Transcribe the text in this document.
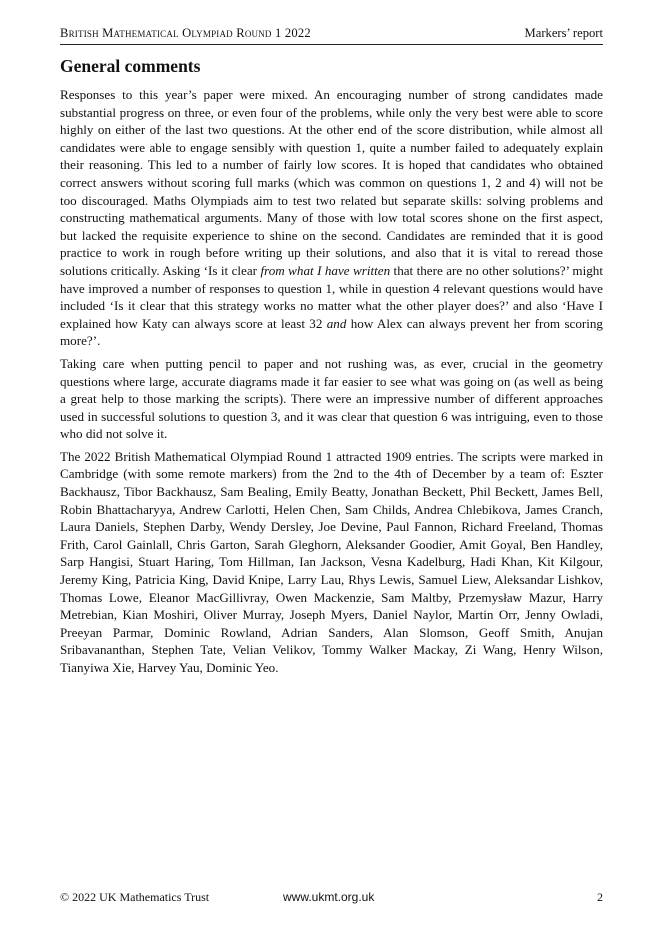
British Mathematical Olympiad Round 1 2022	Markers’ report
General comments

Responses to this year’s paper were mixed. An encouraging number of strong candidates made substantial progress on three, or even four of the problems, while only the very best were able to score highly on either of the last two questions. At the other end of the score distribution, while almost all candidates were able to engage sensibly with question 1, quite a number failed to adequately explain their reasoning. This led to a number of fairly low scores. It is hoped that candidates who obtained correct answers without scoring full marks (which was common on questions 1, 2 and 4) will not be too discouraged. Maths Olympiads aim to test two related but separate skills: solving problems and constructing mathematical arguments. Many of those with low total scores shone on the first aspect, but lacked the requisite experience to shine on the second. Candidates are reminded that it is good practice to work in rough before writing up their solutions, and also that it is vital to reread those solutions critically. Asking ‘Is it clear from what I have written that there are no other solutions?’ might have improved a number of responses to question 1, while in question 4 relevant questions would have included ‘Is it clear that this strategy works no matter what the other player does?’ and also ‘Have I explained how Katy can always score at least 32 and how Alex can always prevent her from scoring more?’.

Taking care when putting pencil to paper and not rushing was, as ever, crucial in the geometry questions where large, accurate diagrams made it far easier to see what was going on (as well as being a great help to those marking the scripts). There were an impressive number of different approaches used in successful solutions to question 3, and it was clear that question 6 was intriguing, even to those who did not solve it.

The 2022 British Mathematical Olympiad Round 1 attracted 1909 entries. The scripts were marked in Cambridge (with some remote markers) from the 2nd to the 4th of December by a team of: Eszter Backhausz, Tibor Backhausz, Sam Bealing, Emily Beatty, Jonathan Beckett, Phil Beckett, James Bell, Robin Bhattacharyya, Andrew Carlotti, Helen Chen, Sam Childs, Andrea Chlebikova, James Cranch, Laura Daniels, Stephen Darby, Wendy Dersley, Joe Devine, Paul Fannon, Richard Freeland, Thomas Frith, Carol Gainlall, Chris Garton, Sarah Gleghorn, Aleksander Goodier, Amit Goyal, Ben Handley, Sarp Hangisi, Stuart Haring, Tom Hillman, Ian Jackson, Vesna Kadelburg, Hadi Khan, Kit Kilgour, Jeremy King, Patricia King, David Knipe, Larry Lau, Rhys Lewis, Samuel Liew, Aleksandar Lishkov, Thomas Lowe, Eleanor MacGillivray, Owen Mackenzie, Sam Maltby, Przemysław Mazur, Harry Metrebian, Kian Moshiri, Oliver Murray, Joseph Myers, Daniel Naylor, Martin Orr, Jenny Owladi, Preeyan Parmar, Dominic Rowland, Adrian Sanders, Alan Slomson, Geoff Smith, Anujan Sribavananthan, Stephen Tate, Velian Velikov, Tommy Walker Mackay, Zi Wang, Henry Wilson, Tianyiwa Xie, Harvey Yau, Dominic Yeo.

© 2022 UK Mathematics Trust	www.ukmt.org.uk	2
